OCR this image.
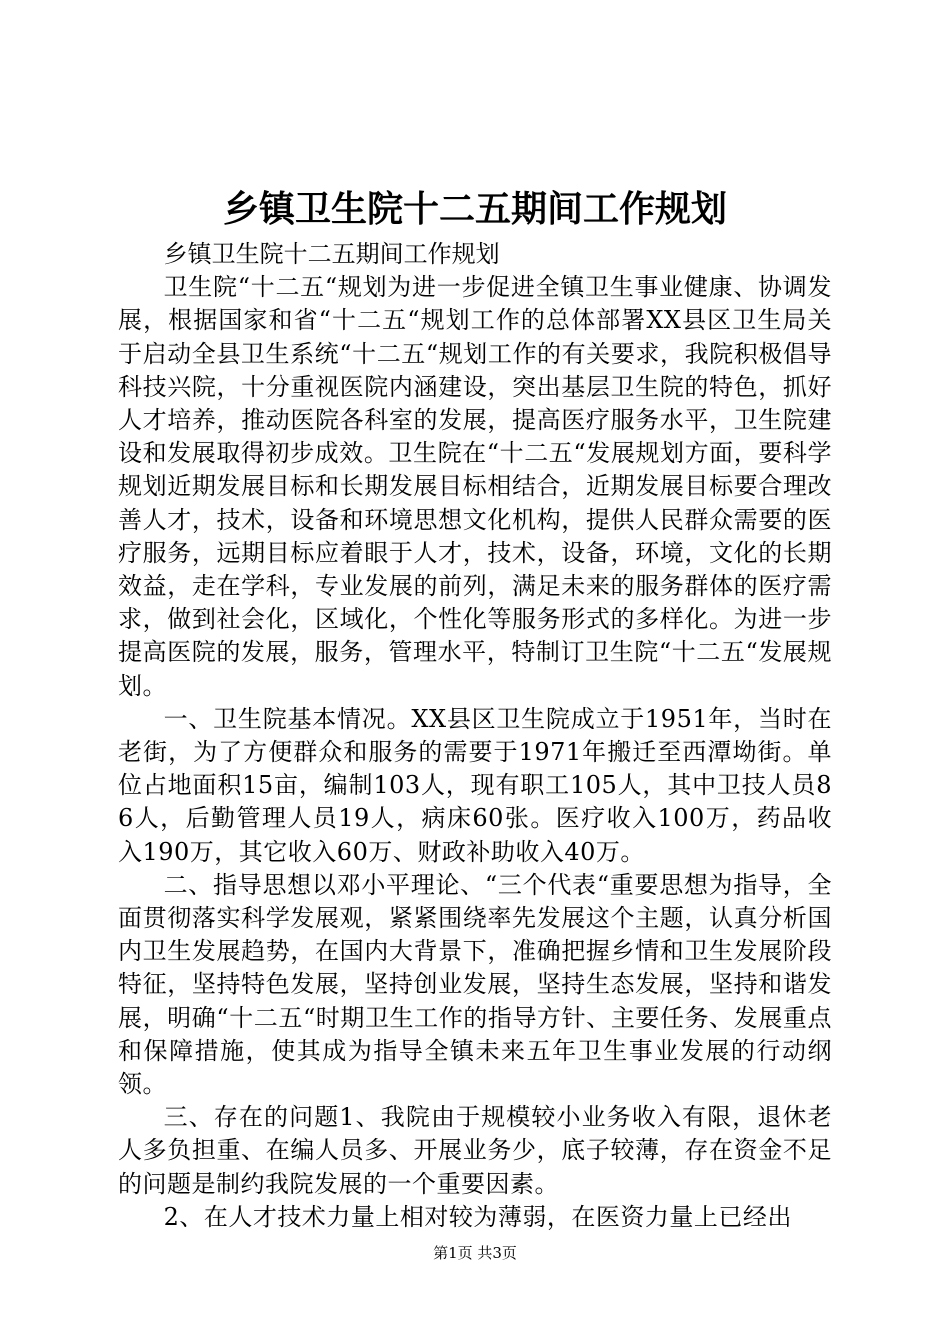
乡镇卫生院十二五期间工作规划

乡镇卫生院十二五期间工作规划

卫生院“十二五“规划为进一步促进全镇卫生事业健康、协调发展，根据国家和省“十二五“规划工作的总体部署XX县区卫生局关于启动全县卫生系统“十二五“规划工作的有关要求，我院积极倡导科技兴院，十分重视医院内涵建设，突出基层卫生院的特色，抓好人才培养，推动医院各科室的发展，提高医疗服务水平，卫生院建设和发展取得初步成效。卫生院在“十二五“发展规划方面，要科学规划近期发展目标和长期发展目标相结合，近期发展目标要合理改善人才，技术，设备和环境思想文化机构，提供人民群众需要的医疗服务，远期目标应着眼于人才，技术，设备，环境，文化的长期效益，走在学科，专业发展的前列，满足未来的服务群体的医疗需求，做到社会化，区域化，个性化等服务形式的多样化。为进一步提高医院的发展，服务，管理水平，特制订卫生院“十二五“发展规划。

一、卫生院基本情况。XX县区卫生院成立于1951年，当时在老街，为了方便群众和服务的需要于1971年搬迁至西潭坳街。单位占地面积15亩，编制103人，现有职工105人，其中卫技人员86人，后勤管理人员19人，病床60张。医疗收入100万，药品收入190万，其它收入60万、财政补助收入40万。

二、指导思想以邓小平理论、“三个代表“重要思想为指导，全面贯彻落实科学发展观，紧紧围绕率先发展这个主题，认真分析国内卫生发展趋势，在国内大背景下，准确把握乡情和卫生发展阶段特征，坚持特色发展，坚持创业发展，坚持生态发展，坚持和谐发展，明确“十二五“时期卫生工作的指导方针、主要任务、发展重点和保障措施，使其成为指导全镇未来五年卫生事业发展的行动纲领。

三、存在的问题1、我院由于规模较小业务收入有限，退休老人多负担重、在编人员多、开展业务少，底子较薄，存在资金不足的问题是制约我院发展的一个重要因素。

2、在人才技术力量上相对较为薄弱，在医资力量上已经出

第1页 共3页
